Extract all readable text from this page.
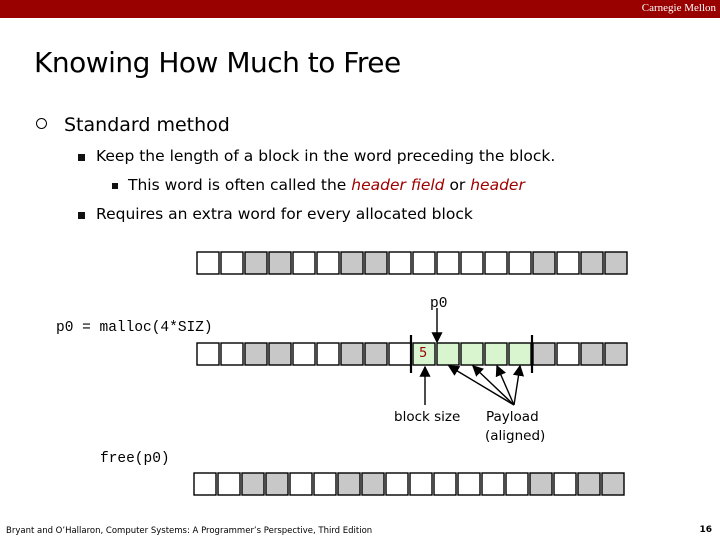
Carnegie Mellon
Knowing How Much to Free
Standard method
Keep the length of a block in the word preceding the block.
This word is often called the header field or header
Requires an extra word for every allocated block
p0
p0 = malloc(4*SIZ)
5
block size Payload
(aligned)
free(p0)
Bryant and O’Hallaron, Computer Systems: A Programmer’s Perspective, Third Edition	16
